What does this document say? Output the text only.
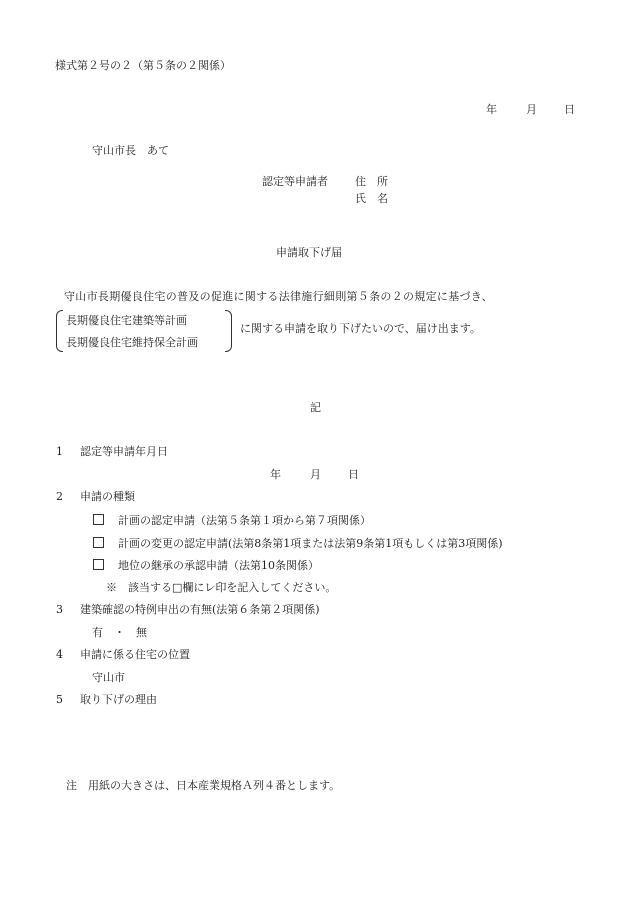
様式第２号の２（第５条の２関係）
年	月 日
守山市長　あて
認定等申請者 住　所
氏　名
申請取下げ届
守山市長期優良住宅の普及の促進に関する法律施行細則第５条の２の規定に基づき、
長期優良住宅建築等計画
長期優良住宅維持保全計画
に関する申請を取り下げたいので、届け出ます。
記
1 認定等申請年月日
年	月 日
2 申請の種類
計画の認定申請（法第５条第１項から第７項関係）
計画の変更の認定申請(法第8条第1項または法第9条第1項もしくは第3項関係)
地位の継承の承認申請（法第10条関係）
※　該当する□欄にレ印を記入してください。
3 建築確認の特例申出の有無(法第６条第２項関係)
有　・　無
4 申請に係る住宅の位置
守山市
5 取り下げの理由
注　用紙の大きさは、日本産業規格Ａ列４番とします。
